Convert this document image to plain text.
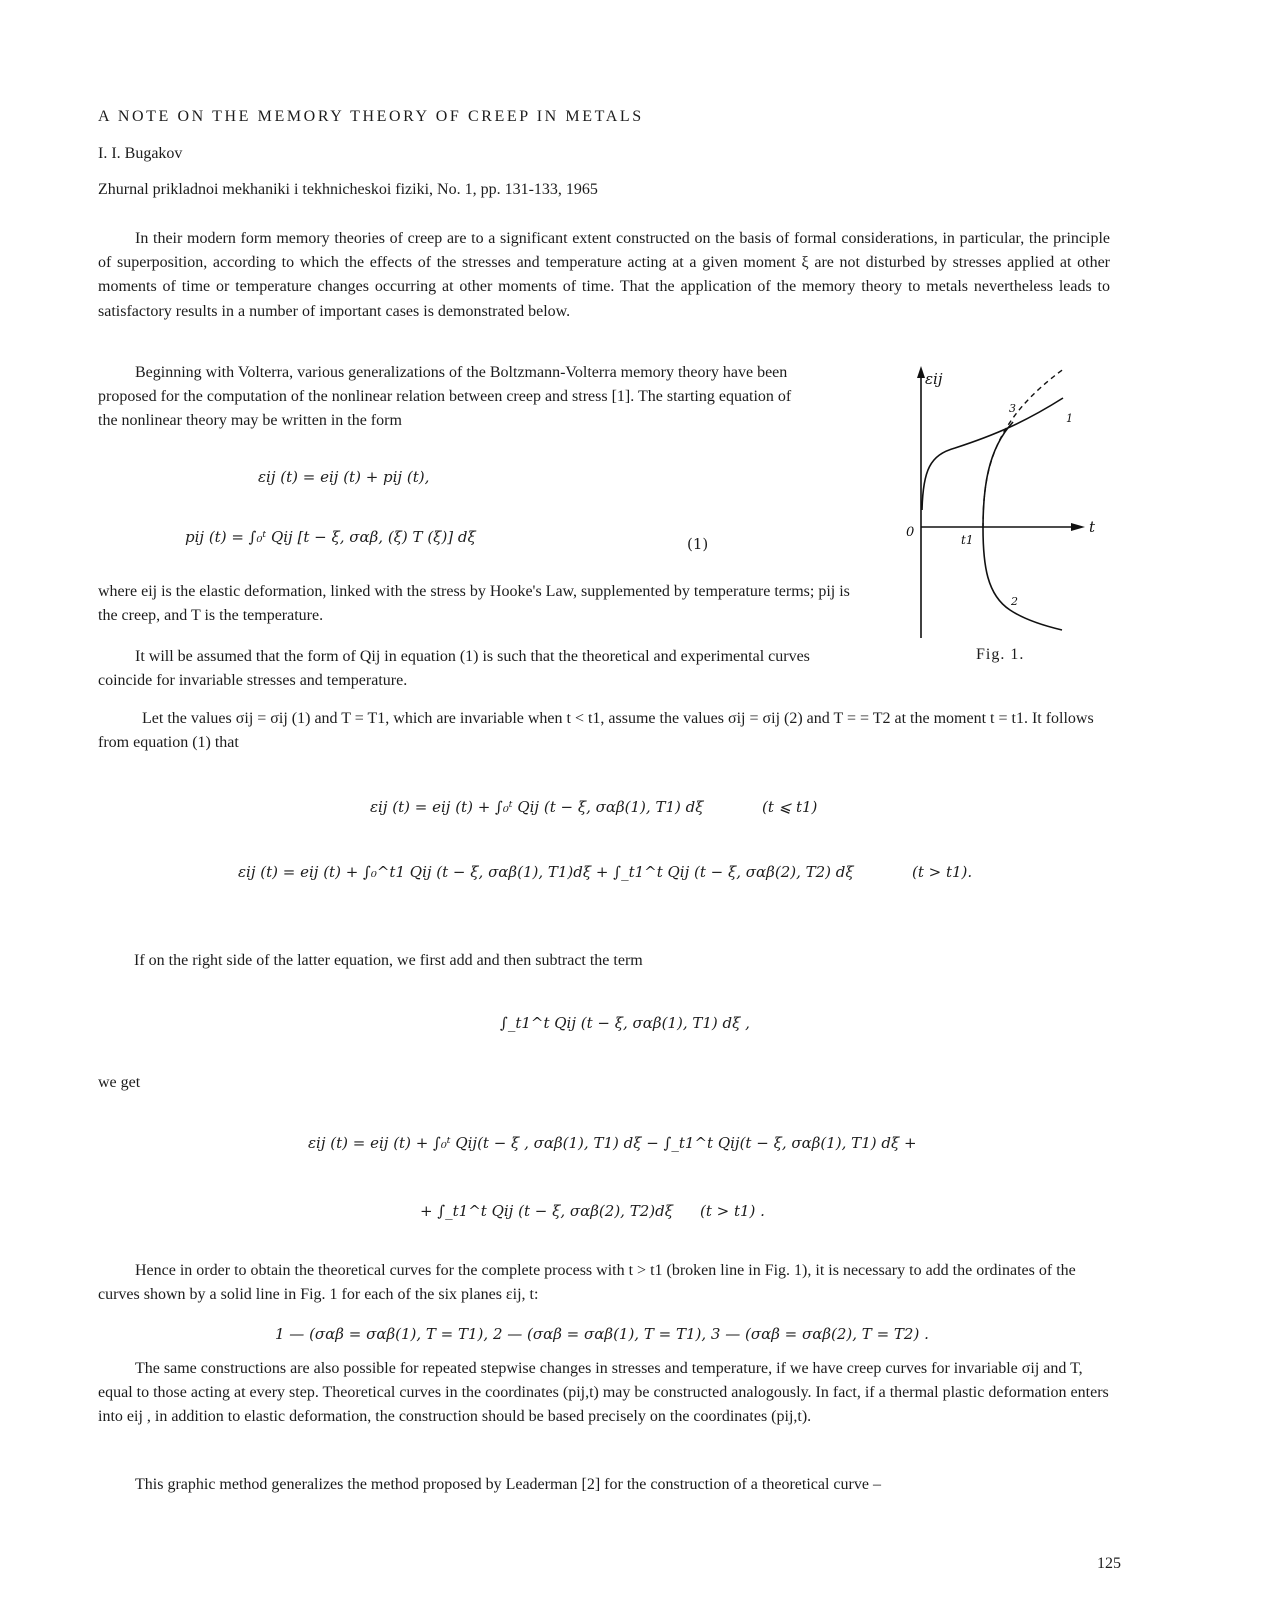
A NOTE ON THE MEMORY THEORY OF CREEP IN METALS
I. I. Bugakov
Zhurnal prikladnoi mekhaniki i tekhnicheskoi fiziki, No. 1, pp. 131-133, 1965
In their modern form memory theories of creep are to a significant extent constructed on the basis of formal considerations, in particular, the principle of superposition, according to which the effects of the stresses and temperature acting at a given moment ξ are not disturbed by stresses applied at other moments of time or temperature changes occurring at other moments of time. That the application of the memory theory to metals nevertheless leads to satisfactory results in a number of important cases is demonstrated below.
Beginning with Volterra, various generalizations of the Boltzmann-Volterra memory theory have been proposed for the computation of the nonlinear relation between creep and stress [1]. The starting equation of the nonlinear theory may be written in the form
εij (t) = eij (t) + pij (t),
pij (t) = ∫₀ᵗ Qij [t − ξ, σαβ, (ξ) T (ξ)] dξ	(1)
where eij is the elastic deformation, linked with the stress by Hooke's Law, supplemented by temperature terms; pij is the creep, and T is the temperature.
It will be assumed that the form of Qij in equation (1) is such that the theoretical and experimental curves coincide for invariable stresses and temperature.
εij
t
0	t1
1
2
3
Fig. 1.
Let the values σij = σij (1) and T = T1, which are invariable when t < t1, assume the values σij = σij (2) and T = = T2 at the moment t = t1. It follows from equation (1) that
εij (t) = eij (t) + ∫₀ᵗ Qij (t − ξ, σαβ(1), T1) dξ	(t ⩽ t1)
εij (t) = eij (t) + ∫₀^t1 Qij (t − ξ, σαβ(1), T1)dξ + ∫_t1^t Qij (t − ξ, σαβ(2), T2) dξ	(t > t1).
If on the right side of the latter equation, we first add and then subtract the term
∫_t1^t Qij (t − ξ, σαβ(1), T1) dξ ,
we get
εij (t) = eij (t) + ∫₀ᵗ Qij(t − ξ , σαβ(1), T1) dξ − ∫_t1^t Qij(t − ξ, σαβ(1), T1) dξ +
+ ∫_t1^t Qij (t − ξ, σαβ(2), T2)dξ (t > t1) .
Hence in order to obtain the theoretical curves for the complete process with t > t1 (broken line in Fig. 1), it is necessary to add the ordinates of the curves shown by a solid line in Fig. 1 for each of the six planes εij, t:
1 — (σαβ = σαβ(1), T = T1), 2 — (σαβ = σαβ(1), T = T1), 3 — (σαβ = σαβ(2), T = T2) .
The same constructions are also possible for repeated stepwise changes in stresses and temperature, if we have creep curves for invariable σij and T, equal to those acting at every step. Theoretical curves in the coordinates (pij,t) may be constructed analogously. In fact, if a thermal plastic deformation enters into eij , in addition to elastic deformation, the construction should be based precisely on the coordinates (pij,t).
This graphic method generalizes the method proposed by Leaderman [2] for the construction of a theoretical curve –
125
